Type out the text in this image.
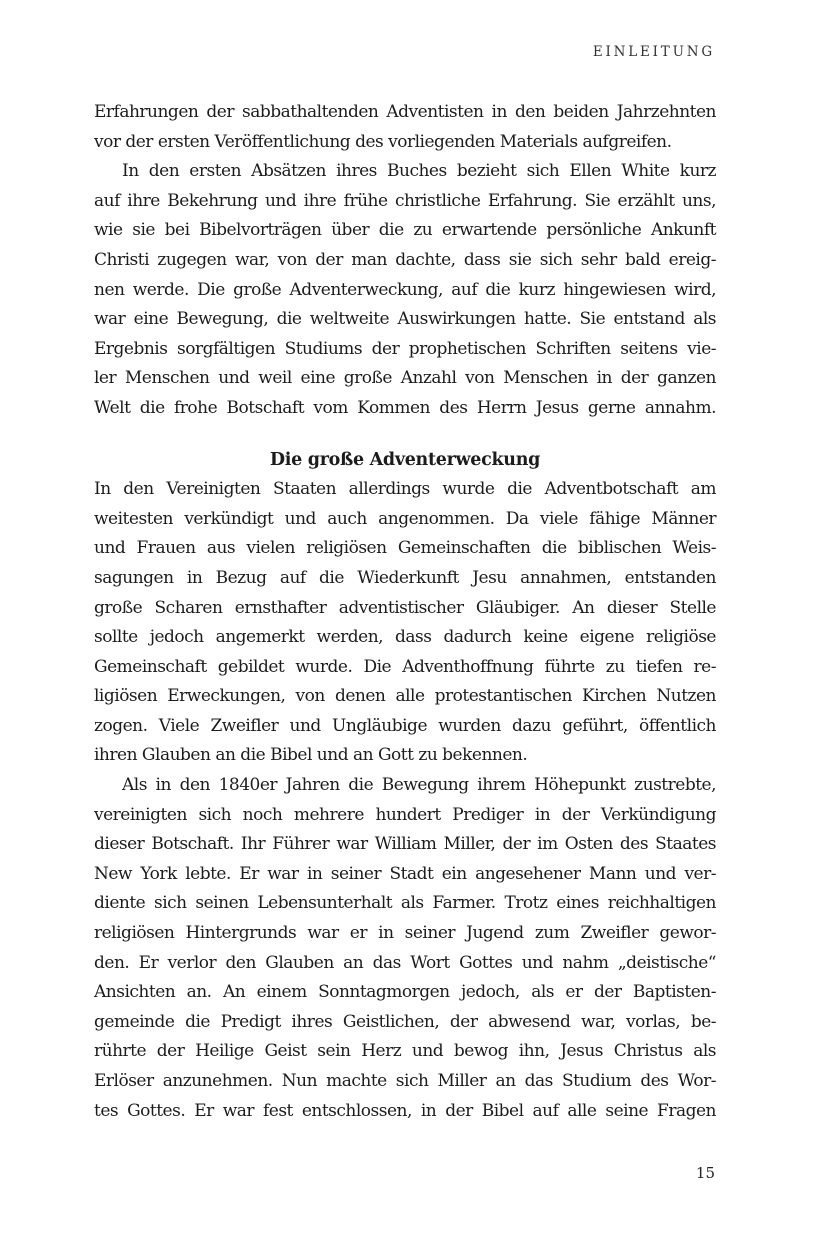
EINLEITUNG
Erfahrungen der sabbathaltenden Adventisten in den beiden Jahrzehnten
vor der ersten Veröffentlichung des vorliegenden Materials aufgreifen.
In den ersten Absätzen ihres Buches bezieht sich Ellen White kurz
auf ihre Bekehrung und ihre frühe christliche Erfahrung. Sie erzählt uns,
wie sie bei Bibelvorträgen über die zu erwartende persönliche Ankunft
Christi zugegen war, von der man dachte, dass sie sich sehr bald ereig-
nen werde. Die große Adventerweckung, auf die kurz hingewiesen wird,
war eine Bewegung, die weltweite Auswirkungen hatte. Sie entstand als
Ergebnis sorgfältigen Studiums der prophetischen Schriften seitens vie-
ler Menschen und weil eine große Anzahl von Menschen in der ganzen
Welt die frohe Botschaft vom Kommen des Herrn Jesus gerne annahm.
Die große Adventerweckung
In den Vereinigten Staaten allerdings wurde die Adventbotschaft am
weitesten verkündigt und auch angenommen. Da viele fähige Männer
und Frauen aus vielen religiösen Gemeinschaften die biblischen Weis-
sagungen in Bezug auf die Wiederkunft Jesu annahmen, entstanden
große Scharen ernsthafter adventistischer Gläubiger. An dieser Stelle
sollte jedoch angemerkt werden, dass dadurch keine eigene religiöse
Gemeinschaft gebildet wurde. Die Adventhoffnung führte zu tiefen re-
ligiösen Erweckungen, von denen alle protestantischen Kirchen Nutzen
zogen. Viele Zweifler und Ungläubige wurden dazu geführt, öffentlich
ihren Glauben an die Bibel und an Gott zu bekennen.
Als in den 1840er Jahren die Bewegung ihrem Höhepunkt zustrebte,
vereinigten sich noch mehrere hundert Prediger in der Verkündigung
dieser Botschaft. Ihr Führer war William Miller, der im Osten des Staates
New York lebte. Er war in seiner Stadt ein angesehener Mann und ver-
diente sich seinen Lebensunterhalt als Farmer. Trotz eines reichhaltigen
religiösen Hintergrunds war er in seiner Jugend zum Zweifler gewor-
den. Er verlor den Glauben an das Wort Gottes und nahm „deistische“
Ansichten an. An einem Sonntagmorgen jedoch, als er der Baptisten-
gemeinde die Predigt ihres Geistlichen, der abwesend war, vorlas, be-
rührte der Heilige Geist sein Herz und bewog ihn, Jesus Christus als
Erlöser anzunehmen. Nun machte sich Miller an das Studium des Wor-
tes Gottes. Er war fest entschlossen, in der Bibel auf alle seine Fragen
15
